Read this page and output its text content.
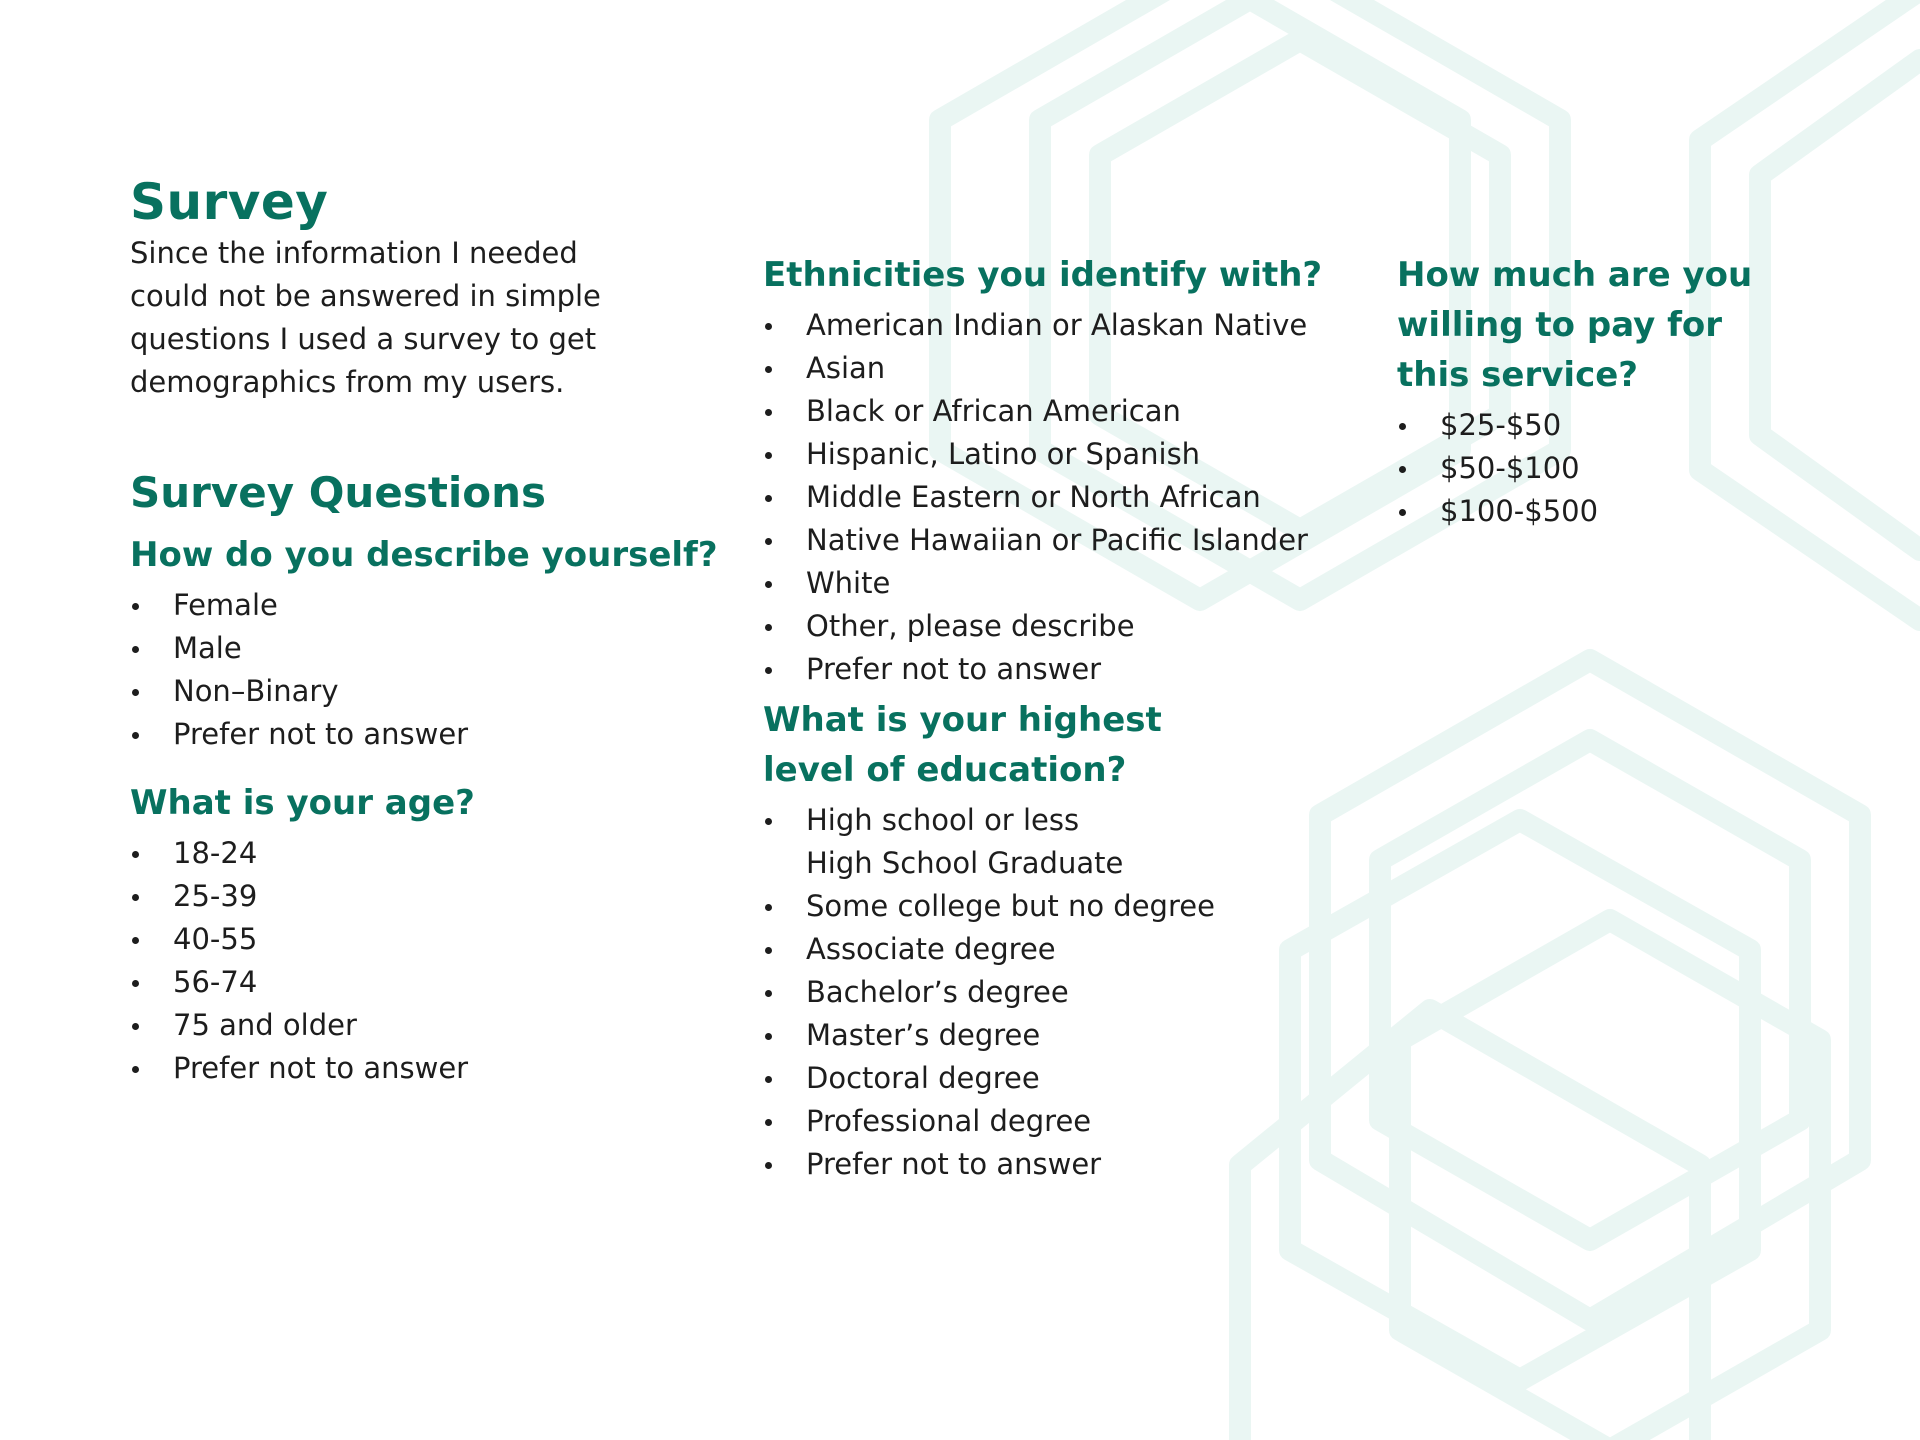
Survey

Since the information I needed
could not be answered in simple
questions I used a survey to get
demographics from my users.

Survey Questions
How do you describe yourself?
Female
Male
Non–Binary
Prefer not to answer
What is your age?
18-24
25-39
40-55
56-74
75 and older
Prefer not to answer
Ethnicities you identify with?
American Indian or Alaskan Native
Asian
Black or African American
Hispanic, Latino or Spanish
Middle Eastern or North African
Native Hawaiian or Pacific Islander
White
Other, please describe
Prefer not to answer
What is your highest
level of education?
High school or less
High School Graduate
Some college but no degree
Associate degree
Bachelor’s degree
Master’s degree
Doctoral degree
Professional degree
Prefer not to answer
How much are you
willing to pay for
this service?
$25-$50
$50-$100
$100-$500
